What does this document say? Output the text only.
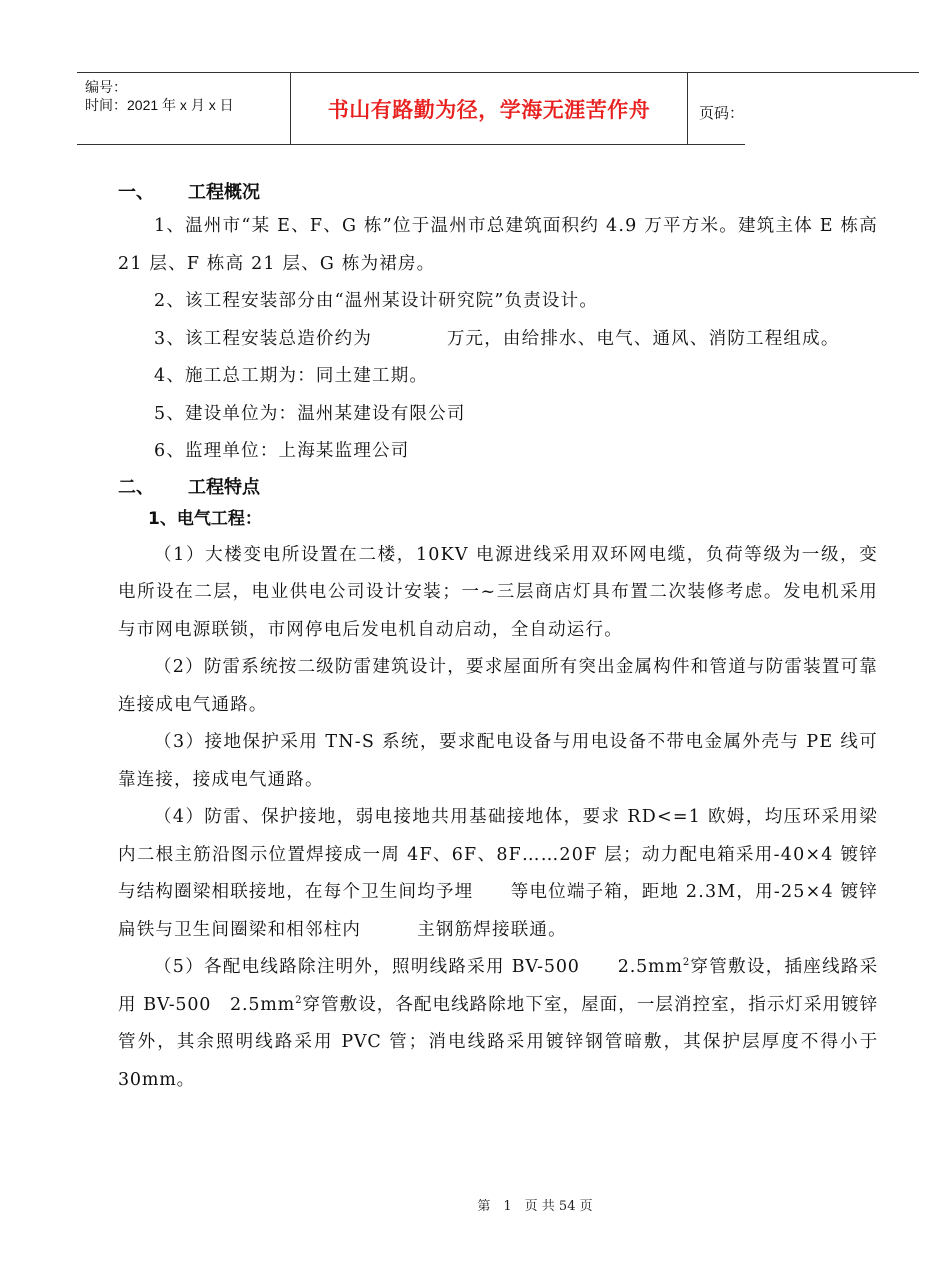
编号：
时间：2021 年 x 月 x 日	书山有路勤为径，学海无涯苦作舟	页码：
一、 工程概况

1、温州市“某 E、F、G 栋”位于温州市总建筑面积约 4.9 万平方米。建筑主体 E 栋高 21 层、F 栋高 21 层、G 栋为裙房。

2、该工程安装部分由“温州某设计研究院”负责设计。

3、该工程安装总造价约为　　　　万元，由给排水、电气、通风、消防工程组成。

4、施工总工期为：同土建工期。

5、建设单位为：温州某建设有限公司

6、监理单位：上海某监理公司

二、 工程特点
1、电气工程：

（1）大楼变电所设置在二楼，10KV 电源进线采用双环网电缆，负荷等级为一级，变电所设在二层，电业供电公司设计安装；一~三层商店灯具布置二次装修考虑。发电机采用与市网电源联锁，市网停电后发电机自动启动，全自动运行。

（2）防雷系统按二级防雷建筑设计，要求屋面所有突出金属构件和管道与防雷装置可靠连接成电气通路。

（3）接地保护采用 TN-S 系统，要求配电设备与用电设备不带电金属外壳与 PE 线可靠连接，接成电气通路。

（4）防雷、保护接地，弱电接地共用基础接地体，要求 RD<=1 欧姆，均压环采用梁内二根主筋沿图示位置焊接成一周 4F、6F、8F……20F 层；动力配电箱采用-40×4 镀锌与结构圈梁相联接地，在每个卫生间均予埋　　等电位端子箱，距地 2.3M，用-25×4 镀锌扁铁与卫生间圈梁和相邻柱内　　　主钢筋焊接联通。

（5）各配电线路除注明外，照明线路采用 BV-500　　$2.5mm^2$穿管敷设，插座线路采用 BV-500　$2.5mm^2$穿管敷设，各配电线路除地下室，屋面，一层消控室，指示灯采用镀锌管外，其余照明线路采用 PVC 管；消电线路采用镀锌钢管暗敷，其保护层厚度不得小于 30mm。

第　1　页 共 54 页
